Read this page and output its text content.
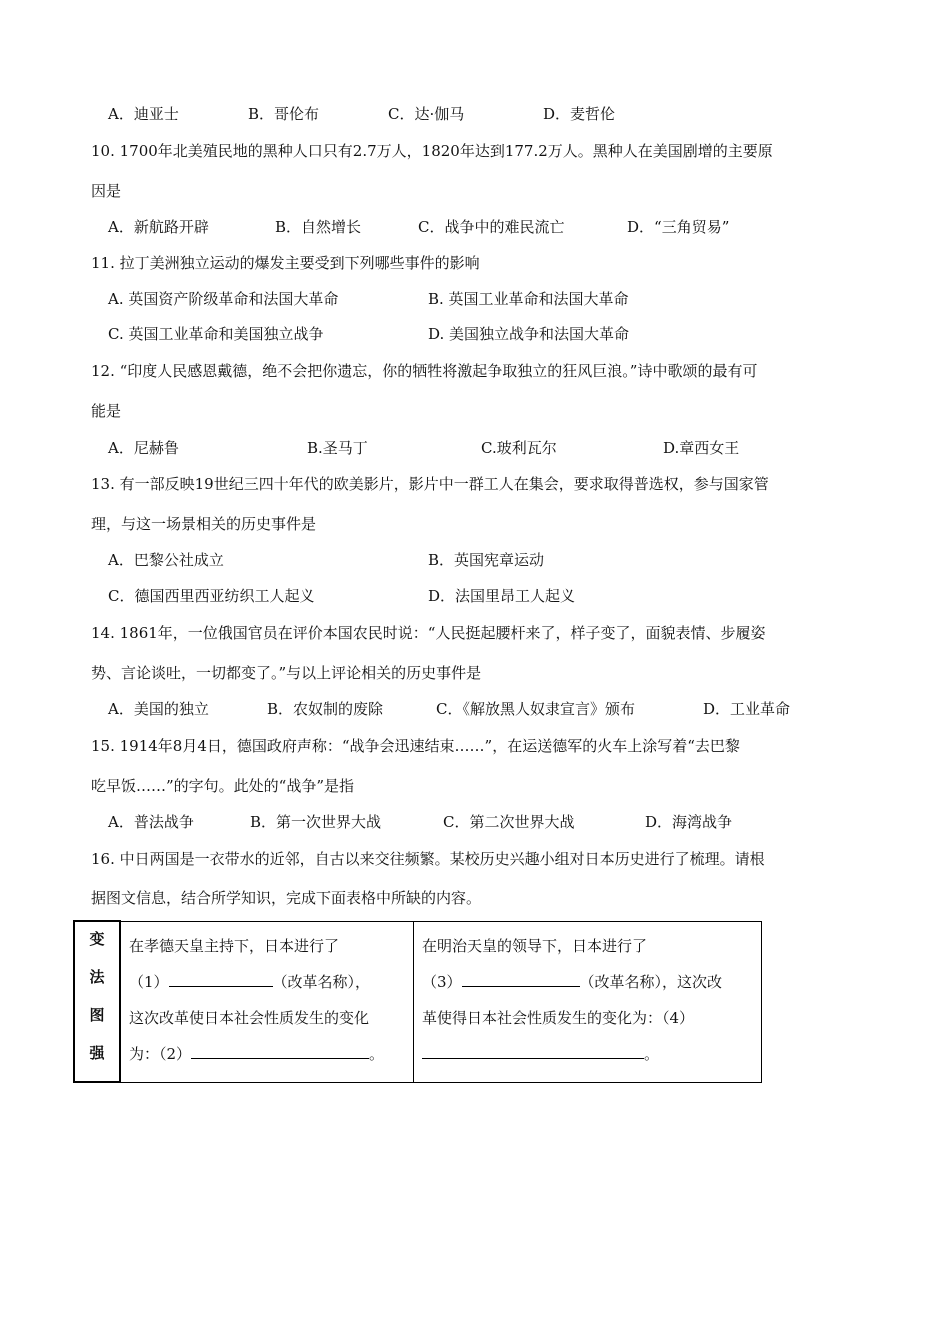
A．迪亚士	B．哥伦布	C．达·伽马	D．麦哲伦
10. 1700年北美殖民地的黑种人口只有2.7万人，1820年达到177.2万人。黑种人在美国剧增的主要原
因是
A．新航路开辟	B．自然增长	C．战争中的难民流亡	D．“三角贸易”
11. 拉丁美洲独立运动的爆发主要受到下列哪些事件的影响
A. 英国资产阶级革命和法国大革命	B. 英国工业革命和法国大革命
C. 英国工业革命和美国独立战争	D. 美国独立战争和法国大革命
12. “印度人民感恩戴德，绝不会把你遗忘，你的牺牲将激起争取独立的狂风巨浪。”诗中歌颂的最有可
能是
A．尼赫鲁	B.圣马丁	C.玻利瓦尔	D.章西女王
13. 有一部反映19世纪三四十年代的欧美影片，影片中一群工人在集会，要求取得普选权，参与国家管
理，与这一场景相关的历史事件是
A．巴黎公社成立	B．英国宪章运动
C．德国西里西亚纺织工人起义	D．法国里昂工人起义
14. 1861年，一位俄国官员在评价本国农民时说：“人民挺起腰杆来了，样子变了，面貌表情、步履姿
势、言论谈吐，一切都变了。”与以上评论相关的历史事件是
A．美国的独立	B．农奴制的废除	C．《解放黑人奴隶宣言》颁布	D．工业革命
15. 1914年8月4日，德国政府声称：“战争会迅速结束……”，在运送德军的火车上涂写着“去巴黎
吃早饭……”的字句。此处的“战争”是指
A．普法战争	B．第一次世界大战	C．第二次世界大战	D．海湾战争
16. 中日两国是一衣带水的近邻，自古以来交往频繁。某校历史兴趣小组对日本历史进行了梳理。请根
据图文信息，结合所学知识，完成下面表格中所缺的内容。
变
法
图
强

在孝德天皇主持下，日本进行了
（1）	（改革名称），
这次改革使日本社会性质发生的变化
为：（2）	。

在明治天皇的领导下，日本进行了
（3）	（改革名称），这次改
革使得日本社会性质发生的变化为：（4）
。
